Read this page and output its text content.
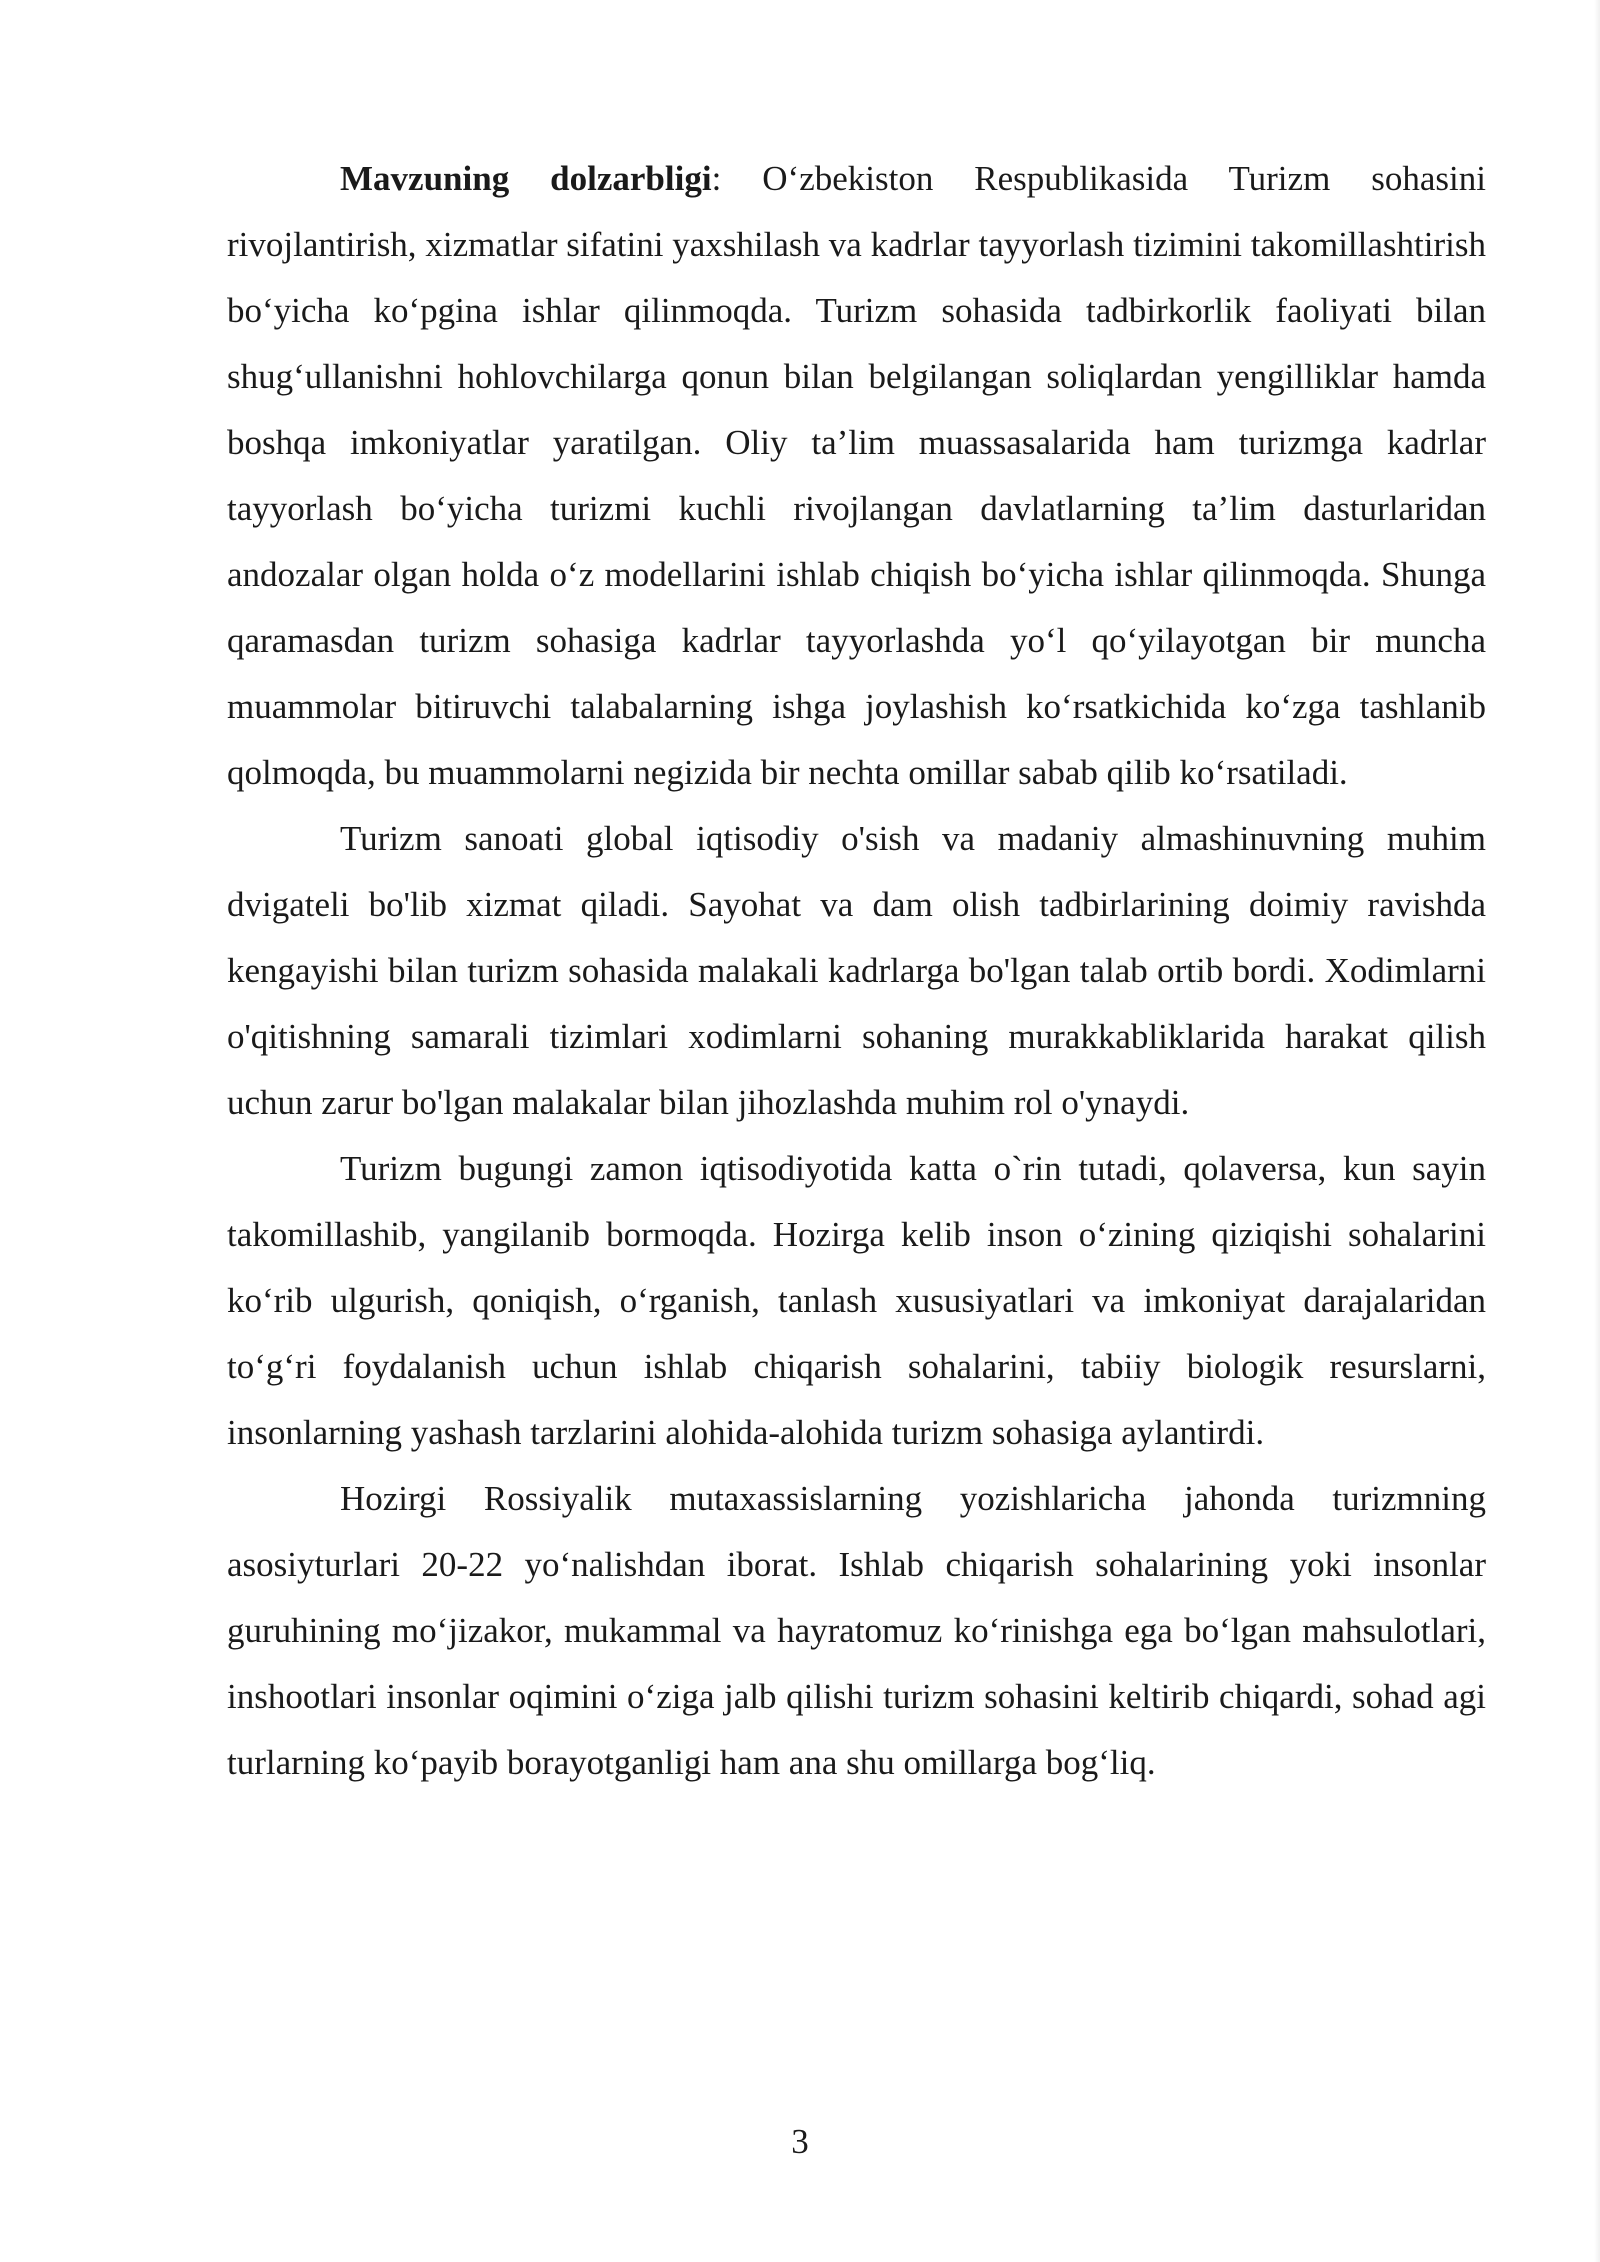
Mavzuning dolzarbligi: O‘zbekiston Respublikasida Turizm sohasini rivojlantirish, xizmatlar sifatini yaxshilash va kadrlar tayyorlash tizimini takomillashtirish bo‘yicha ko‘pgina ishlar qilinmoqda. Turizm sohasida tadbirkorlik faoliyati bilan shug‘ullanishni hohlovchilarga qonun bilan belgilangan soliqlardan yengilliklar hamda boshqa imkoniyatlar yaratilgan. Oliy ta’lim muassasalarida ham turizmga kadrlar tayyorlash bo‘yicha turizmi kuchli rivojlangan davlatlarning ta’lim dasturlaridan andozalar olgan holda o‘z modellarini ishlab chiqish bo‘yicha ishlar qilinmoqda. Shunga qaramasdan turizm sohasiga kadrlar tayyorlashda yo‘l qo‘yilayotgan bir muncha muammolar bitiruvchi talabalarning ishga joylashish ko‘rsatkichida ko‘zga tashlanib qolmoqda, bu muammolarni negizida bir nechta omillar sabab qilib ko‘rsatiladi.

Turizm sanoati global iqtisodiy o'sish va madaniy almashinuvning muhim dvigateli bo'lib xizmat qiladi. Sayohat va dam olish tadbirlarining doimiy ravishda kengayishi bilan turizm sohasida malakali kadrlarga bo'lgan talab ortib bordi. Xodimlarni o'qitishning samarali tizimlari xodimlarni sohaning murakkabliklarida harakat qilish uchun zarur bo'lgan malakalar bilan jihozlashda muhim rol o'ynaydi.

Turizm bugungi zamon iqtisodiyotida katta o`rin tutadi, qolaversa, kun sayin takomillashib, yangilanib bormoqda. Hozirga kelib inson o‘zining qiziqishi sohalarini ko‘rib ulgurish, qoniqish, o‘rganish, tanlash xususiyatlari va imkoniyat darajalaridan to‘g‘ri foydalanish uchun ishlab chiqarish sohalarini, tabiiy biologik resurslarni, insonlarning yashash tarzlarini alohida-alohida turizm sohasiga aylantirdi.

Hozirgi Rossiyalik mutaxassislarning yozishlaricha jahonda turizmning asosiyturlari 20-22 yo‘nalishdan iborat. Ishlab chiqarish sohalarining yoki insonlar guruhining mo‘jizakor, mukammal va hayratomuz ko‘rinishga ega bo‘lgan mahsulotlari, inshootlari insonlar oqimini o‘ziga jalb qilishi turizm sohasini keltirib chiqardi, sohad agi turlarning ko‘payib borayotganligi ham ana shu omillarga bog‘liq.

3
